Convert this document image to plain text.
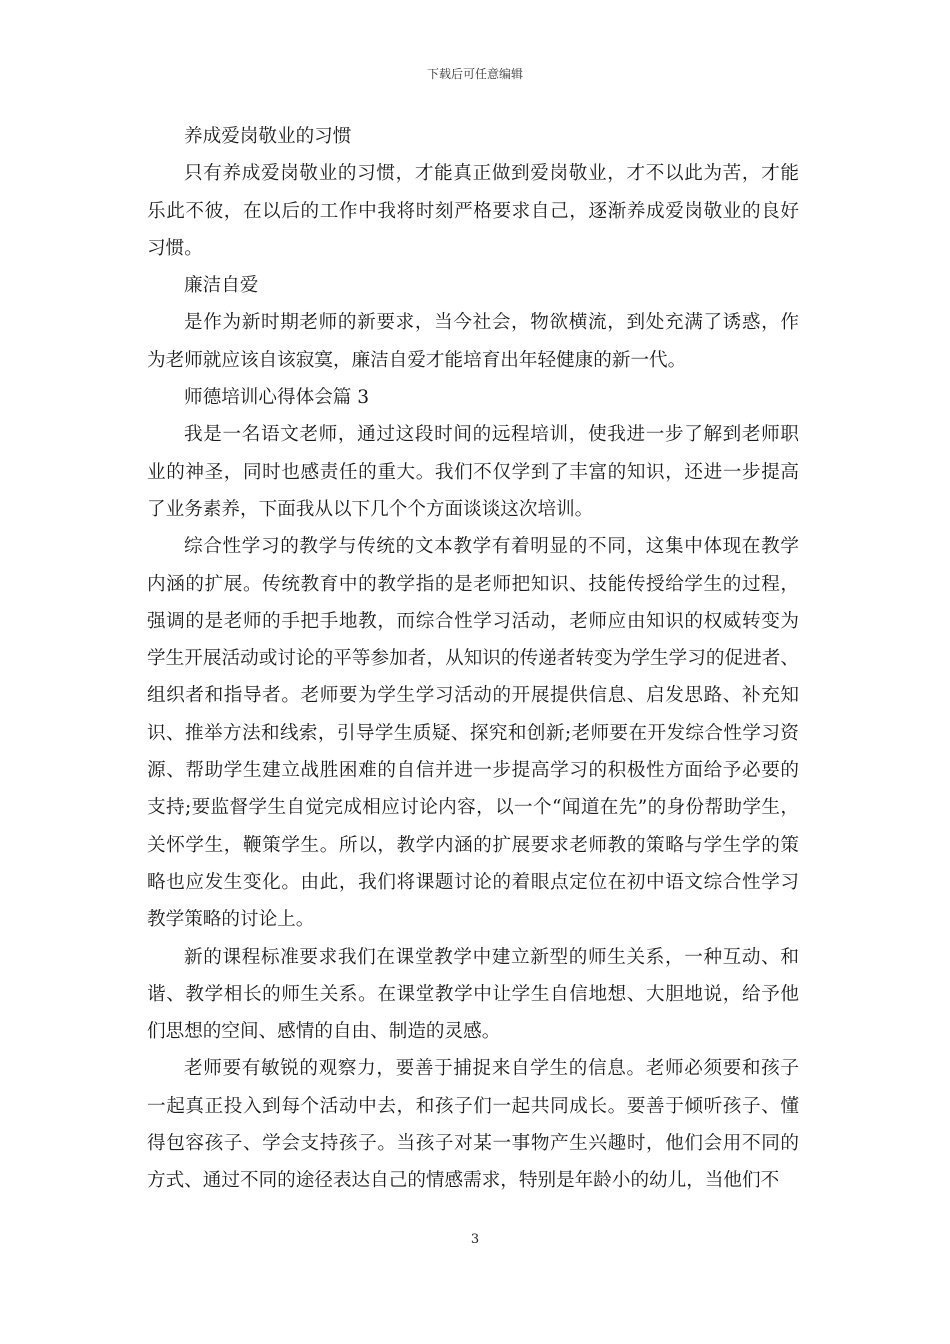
下载后可任意编辑
养成爱岗敬业的习惯
只有养成爱岗敬业的习惯，才能真正做到爱岗敬业，才不以此为苦，才能
乐此不彼，在以后的工作中我将时刻严格要求自己，逐渐养成爱岗敬业的良好
习惯。
廉洁自爱
是作为新时期老师的新要求，当今社会，物欲横流，到处充满了诱惑，作
为老师就应该自该寂寞，廉洁自爱才能培育出年轻健康的新一代。
师德培训心得体会篇 3
我是一名语文老师，通过这段时间的远程培训，使我进一步了解到老师职
业的神圣，同时也感责任的重大。我们不仅学到了丰富的知识，还进一步提高
了业务素养，下面我从以下几个个方面谈谈这次培训。
综合性学习的教学与传统的文本教学有着明显的不同，这集中体现在教学
内涵的扩展。传统教育中的教学指的是老师把知识、技能传授给学生的过程，
强调的是老师的手把手地教，而综合性学习活动，老师应由知识的权威转变为
学生开展活动或讨论的平等参加者，从知识的传递者转变为学生学习的促进者、
组织者和指导者。老师要为学生学习活动的开展提供信息、启发思路、补充知
识、推举方法和线索，引导学生质疑、探究和创新;老师要在开发综合性学习资
源、帮助学生建立战胜困难的自信并进一步提高学习的积极性方面给予必要的
支持;要监督学生自觉完成相应讨论内容，以一个“闻道在先”的身份帮助学生，
关怀学生，鞭策学生。所以，教学内涵的扩展要求老师教的策略与学生学的策
略也应发生变化。由此，我们将课题讨论的着眼点定位在初中语文综合性学习
教学策略的讨论上。
新的课程标准要求我们在课堂教学中建立新型的师生关系，一种互动、和
谐、教学相长的师生关系。在课堂教学中让学生自信地想、大胆地说，给予他
们思想的空间、感情的自由、制造的灵感。
老师要有敏锐的观察力，要善于捕捉来自学生的信息。老师必须要和孩子
一起真正投入到每个活动中去，和孩子们一起共同成长。要善于倾听孩子、懂
得包容孩子、学会支持孩子。当孩子对某一事物产生兴趣时，他们会用不同的
方式、通过不同的途径表达自己的情感需求，特别是年龄小的幼儿，当他们不
3
